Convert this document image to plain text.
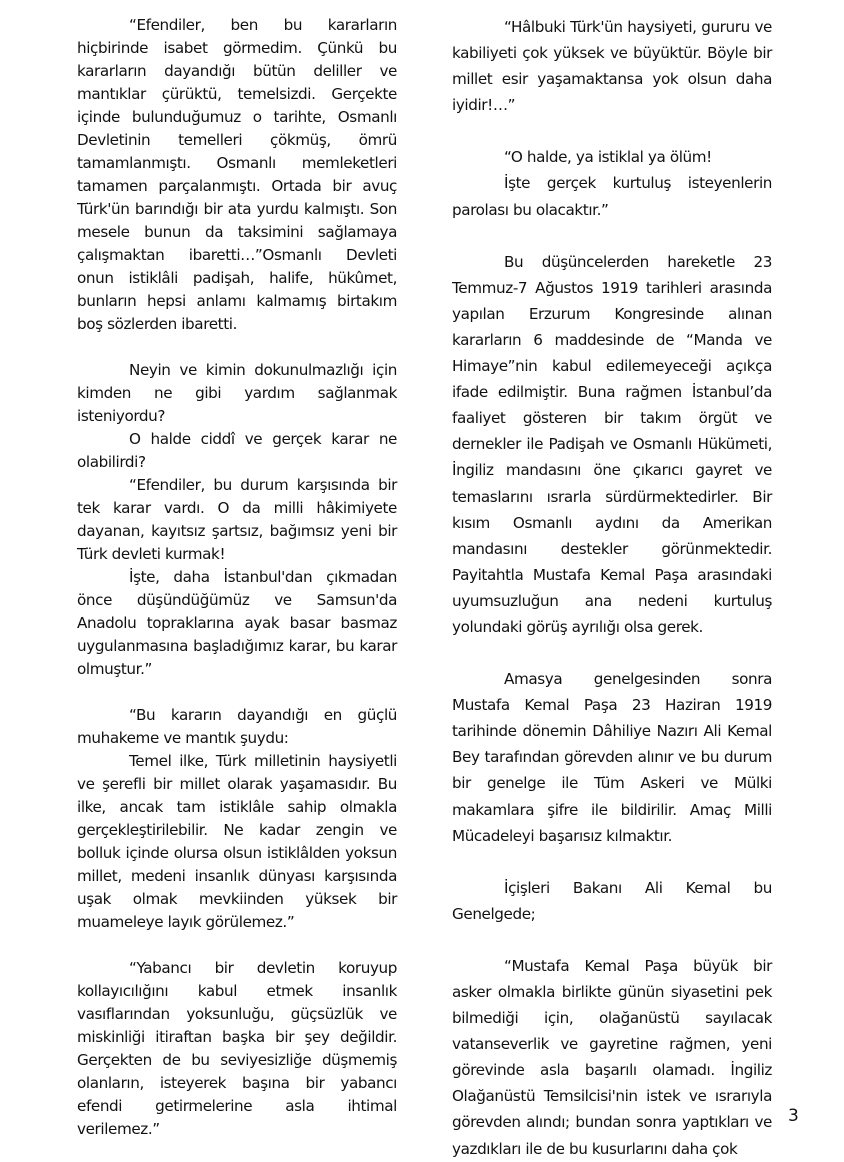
“Efendiler, ben bu kararların hiçbirinde isabet görmedim. Çünkü bu kararların dayandığı bütün deliller ve mantıklar çürüktü, temelsizdi. Gerçekte içinde bulunduğumuz o tarihte, Osmanlı Devletinin temelleri çökmüş, ömrü tamamlanmıştı. Osmanlı memleketleri tamamen parçalanmıştı. Ortada bir avuç Türk'ün barındığı bir ata yurdu kalmıştı. Son mesele bunun da taksimini sağlamaya çalışmaktan ibaretti…”Osmanlı Devleti onun istiklâli padişah, halife, hükûmet, bunların hepsi anlamı kalmamış birtakım boş sözlerden ibaretti.

Neyin ve kimin dokunulmazlığı için kimden ne gibi yardım sağlanmak isteniyordu?

O halde ciddî ve gerçek karar ne olabilirdi?

“Efendiler, bu durum karşısında bir tek karar vardı. O da milli hâkimiyete dayanan, kayıtsız şartsız, bağımsız yeni bir Türk devleti kurmak!

İşte, daha İstanbul'dan çıkmadan önce düşündüğümüz ve Samsun'da Anadolu topraklarına ayak basar basmaz uygulanmasına başladığımız karar, bu karar olmuştur.”

“Bu kararın dayandığı en güçlü muhakeme ve mantık şuydu:

Temel ilke, Türk milletinin haysiyetli ve şerefli bir millet olarak yaşamasıdır. Bu ilke, ancak tam istiklâle sahip olmakla gerçekleştirilebilir. Ne kadar zengin ve bolluk içinde olursa olsun istiklâlden yoksun millet, medeni insanlık dünyası karşısında uşak olmak mevkiinden yüksek bir muameleye layık görülemez.”

“Yabancı bir devletin koruyup kollayıcılığını kabul etmek insanlık vasıflarından yoksunluğu, güçsüzlük ve miskinliği itiraftan başka bir şey değildir. Gerçekten de bu seviyesizliğe düşmemiş olanların, isteyerek başına bir yabancı efendi getirmelerine asla ihtimal verilemez.”

“Hâlbuki Türk'ün haysiyeti, gururu ve kabiliyeti çok yüksek ve büyüktür. Böyle bir millet esir yaşamaktansa yok olsun daha iyidir!…”

“O halde, ya istiklal ya ölüm!

İşte gerçek kurtuluş isteyenlerin parolası bu olacaktır.”

Bu düşüncelerden hareketle 23 Temmuz-7 Ağustos 1919 tarihleri arasında yapılan Erzurum Kongresinde alınan kararların 6 maddesinde de “Manda ve Himaye”nin kabul edilemeyeceği açıkça ifade edilmiştir. Buna rağmen İstanbul’da faaliyet gösteren bir takım örgüt ve dernekler ile Padişah ve Osmanlı Hükümeti, İngiliz mandasını öne çıkarıcı gayret ve temaslarını ısrarla sürdürmektedirler. Bir kısım Osmanlı aydını da Amerikan mandasını destekler görünmektedir. Payitahtla Mustafa Kemal Paşa arasındaki uyumsuzluğun ana nedeni kurtuluş yolundaki görüş ayrılığı olsa gerek.

Amasya genelgesinden sonra Mustafa Kemal Paşa 23 Haziran 1919 tarihinde dönemin Dâhiliye Nazırı Ali Kemal Bey tarafından görevden alınır ve bu durum bir genelge ile Tüm Askeri ve Mülki makamlara şifre ile bildirilir. Amaç Milli Mücadeleyi başarısız kılmaktır.

İçişleri Bakanı Ali Kemal bu Genelgede;

“Mustafa Kemal Paşa büyük bir asker olmakla birlikte günün siyasetini pek bilmediği için, olağanüstü sayılacak vatanseverlik ve gayretine rağmen, yeni görevinde asla başarılı olamadı. İngiliz Olağanüstü Temsilcisi'nin istek ve ısrarıyla görevden alındı; bundan sonra yaptıkları ve yazdıkları ile de bu kusurlarını daha çok

3
